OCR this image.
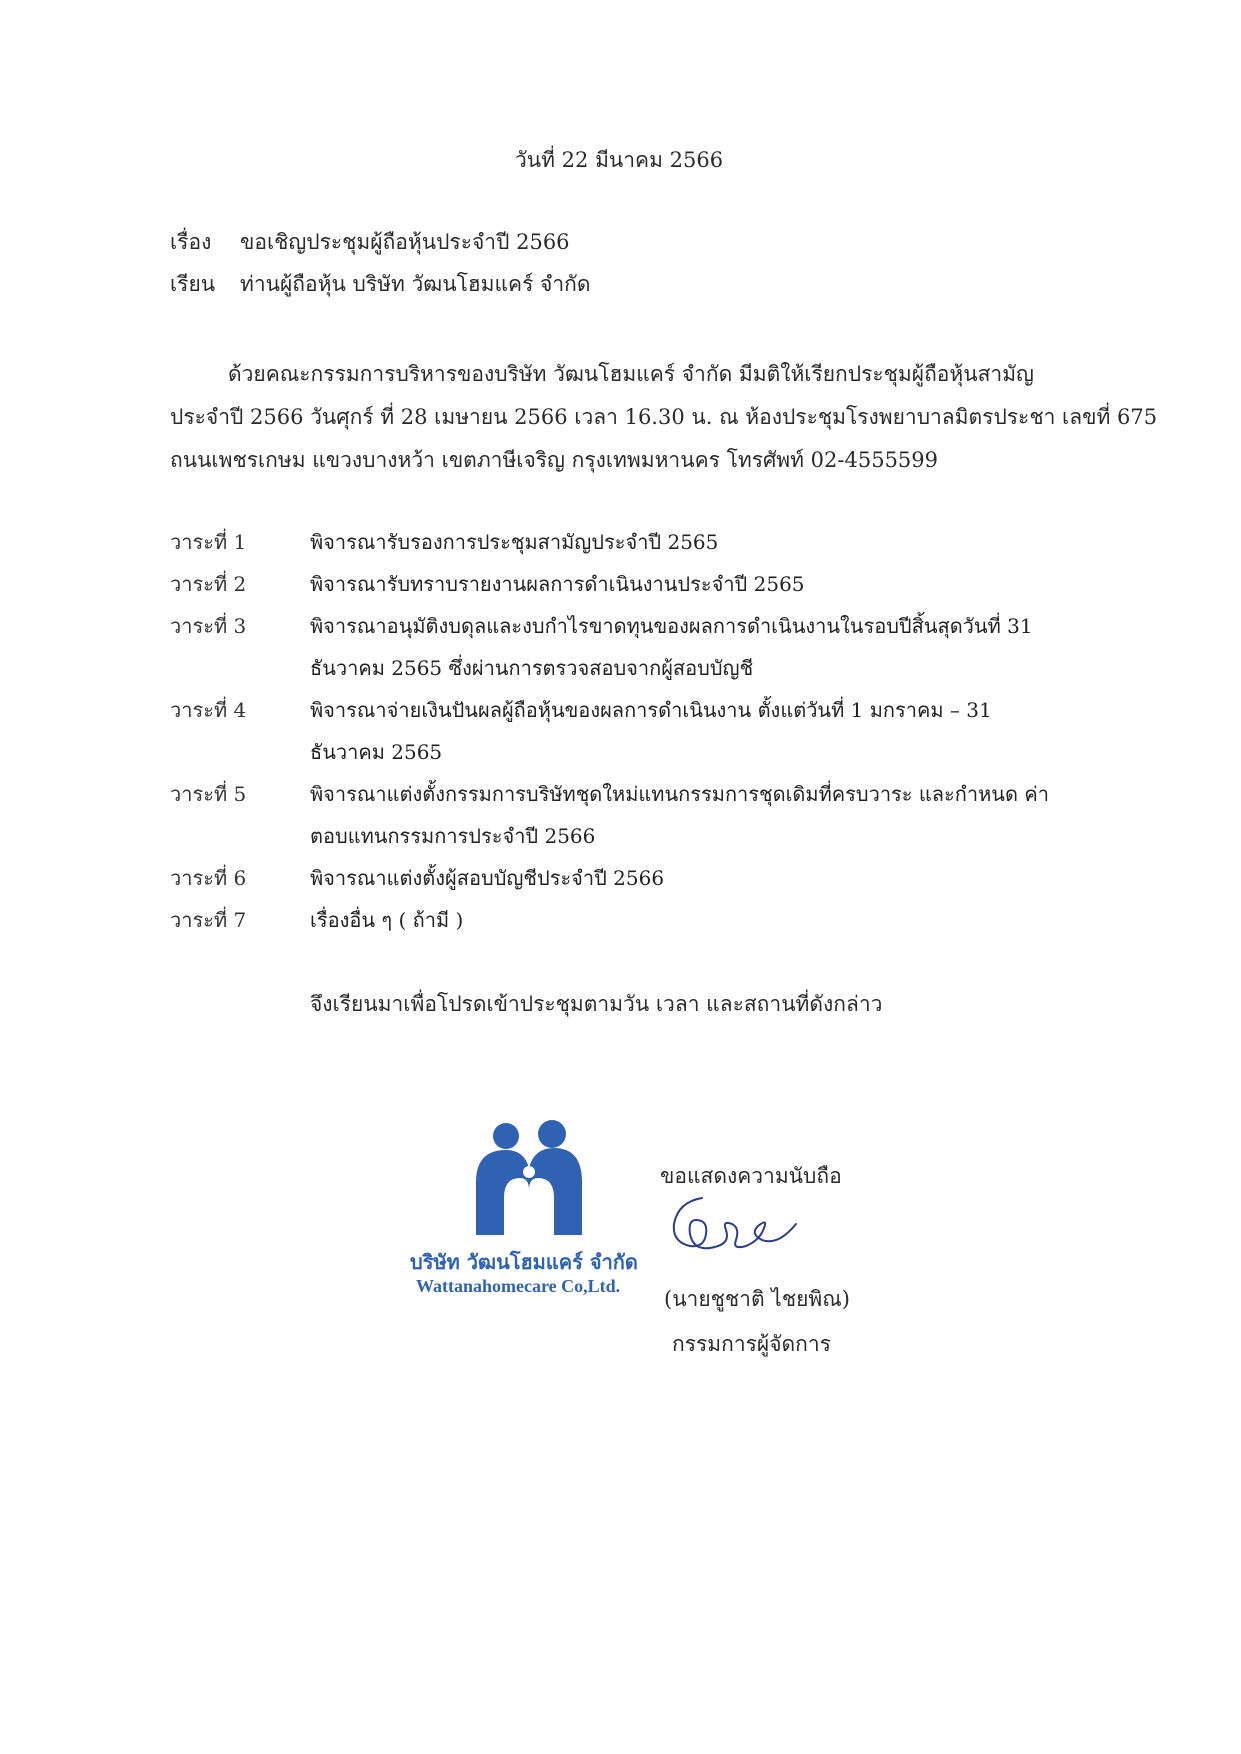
วันที่ 22 มีนาคม 2566
เรื่อง ขอเชิญประชุมผู้ถือหุ้นประจำปี 2566
เรียน ท่านผู้ถือหุ้น บริษัท วัฒนโฮมแคร์ จำกัด
ด้วยคณะกรรมการบริหารของบริษัท วัฒนโฮมแคร์ จำกัด มีมติให้เรียกประชุมผู้ถือหุ้นสามัญ
ประจำปี 2566 วันศุกร์ ที่ 28 เมษายน 2566 เวลา 16.30 น. ณ ห้องประชุมโรงพยาบาลมิตรประชา เลขที่ 675
ถนนเพชรเกษม แขวงบางหว้า เขตภาษีเจริญ กรุงเทพมหานคร โทรศัพท์ 02-4555599
วาระที่ 1	พิจารณารับรองการประชุมสามัญประจำปี 2565
วาระที่ 2	พิจารณารับทราบรายงานผลการดำเนินงานประจำปี 2565
วาระที่ 3	พิจารณาอนุมัติงบดุลและงบกำไรขาดทุนของผลการดำเนินงานในรอบปีสิ้นสุดวันที่ 31 ธันวาคม 2565 ซึ่งผ่านการตรวจสอบจากผู้สอบบัญชี
วาระที่ 4	พิจารณาจ่ายเงินปันผลผู้ถือหุ้นของผลการดำเนินงาน ตั้งแต่วันที่ 1 มกราคม – 31 ธันวาคม 2565
วาระที่ 5	พิจารณาแต่งตั้งกรรมการบริษัทชุดใหม่แทนกรรมการชุดเดิมที่ครบวาระ และกำหนด ค่าตอบแทนกรรมการประจำปี 2566
วาระที่ 6	พิจารณาแต่งตั้งผู้สอบบัญชีประจำปี 2566
วาระที่ 7	เรื่องอื่น ๆ ( ถ้ามี )
จึงเรียนมาเพื่อโปรดเข้าประชุมตามวัน เวลา และสถานที่ดังกล่าว
บริษัท วัฒนโฮมแคร์ จำกัด
Wattanahomecare Co,Ltd.
ขอแสดงความนับถือ
(นายชูชาติ ไชยพิณ)
กรรมการผู้จัดการ
